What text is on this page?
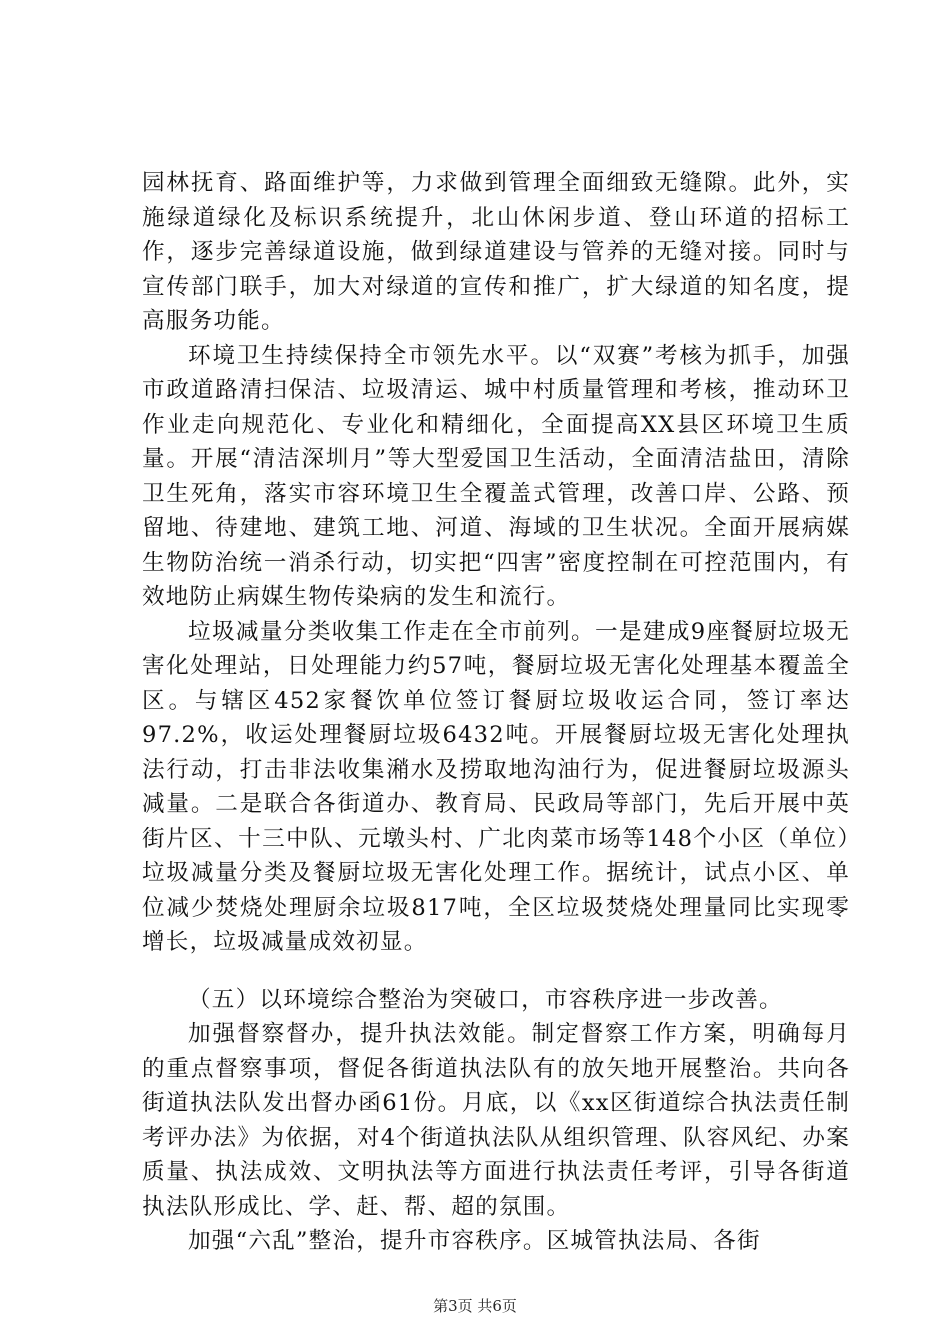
园林抚育、路面维护等，力求做到管理全面细致无缝隙。此外，实施绿道绿化及标识系统提升，北山休闲步道、登山环道的招标工作，逐步完善绿道设施，做到绿道建设与管养的无缝对接。同时与宣传部门联手，加大对绿道的宣传和推广，扩大绿道的知名度，提高服务功能。

环境卫生持续保持全市领先水平。以“双赛”考核为抓手，加强市政道路清扫保洁、垃圾清运、城中村质量管理和考核，推动环卫作业走向规范化、专业化和精细化，全面提高XX县区环境卫生质量。开展“清洁深圳月”等大型爱国卫生活动，全面清洁盐田，清除卫生死角，落实市容环境卫生全覆盖式管理，改善口岸、公路、预留地、待建地、建筑工地、河道、海域的卫生状况。全面开展病媒生物防治统一消杀行动，切实把“四害”密度控制在可控范围内，有效地防止病媒生物传染病的发生和流行。

垃圾减量分类收集工作走在全市前列。一是建成9座餐厨垃圾无害化处理站，日处理能力约57吨，餐厨垃圾无害化处理基本覆盖全区。与辖区452家餐饮单位签订餐厨垃圾收运合同，签订率达97.2%，收运处理餐厨垃圾6432吨。开展餐厨垃圾无害化处理执法行动，打击非法收集潲水及捞取地沟油行为，促进餐厨垃圾源头减量。二是联合各街道办、教育局、民政局等部门，先后开展中英街片区、十三中队、元墩头村、广北肉菜市场等148个小区（单位）垃圾减量分类及餐厨垃圾无害化处理工作。据统计，试点小区、单位减少焚烧处理厨余垃圾817吨，全区垃圾焚烧处理量同比实现零增长，垃圾减量成效初显。

（五）以环境综合整治为突破口，市容秩序进一步改善。

加强督察督办，提升执法效能。制定督察工作方案，明确每月的重点督察事项，督促各街道执法队有的放矢地开展整治。共向各街道执法队发出督办函61份。月底，以《xx区街道综合执法责任制考评办法》为依据，对4个街道执法队从组织管理、队容风纪、办案质量、执法成效、文明执法等方面进行执法责任考评，引导各街道执法队形成比、学、赶、帮、超的氛围。

加强“六乱”整治，提升市容秩序。区城管执法局、各街

第3页 共6页
